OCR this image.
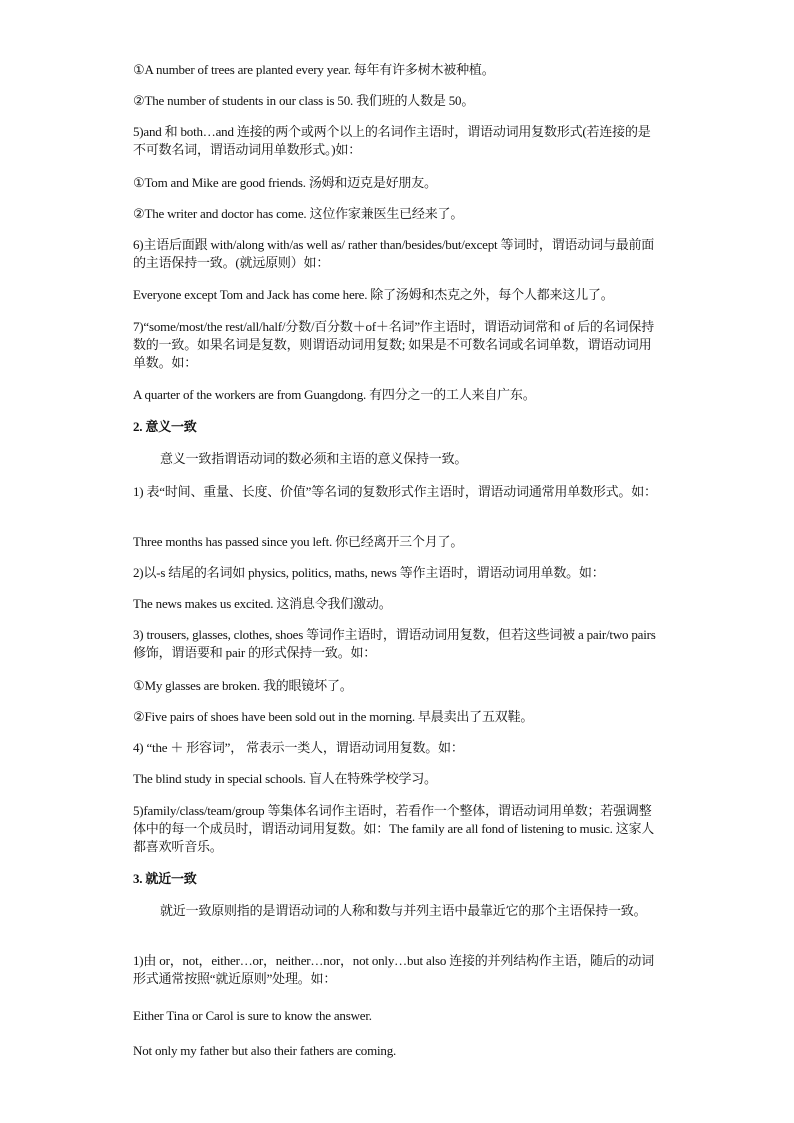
①A number of trees are planted every year. 每年有许多树木被种植。
②The number of students in our class is 50. 我们班的人数是 50。
5)and 和 both…and 连接的两个或两个以上的名词作主语时，谓语动词用复数形式(若连接的是不可数名词，谓语动词用单数形式。)如：
①Tom and Mike are good friends. 汤姆和迈克是好朋友。
②The writer and doctor has come. 这位作家兼医生已经来了。
6)主语后面跟 with/along with/as well as/ rather than/besides/but/except 等词时，谓语动词与最前面的主语保持一致。(就远原则）如：
Everyone except Tom and Jack has come here. 除了汤姆和杰克之外，每个人都来这儿了。
7)“some/most/the rest/all/half/分数/百分数＋of＋名词”作主语时，谓语动词常和 of 后的名词保持数的一致。如果名词是复数，则谓语动词用复数; 如果是不可数名词或名词单数，谓语动词用单数。如：
A quarter of the workers are from Guangdong. 有四分之一的工人来自广东。
2. 意义一致
意义一致指谓语动词的数必须和主语的意义保持一致。
1) 表“时间、重量、长度、价值”等名词的复数形式作主语时，谓语动词通常用单数形式。如：
Three months has passed since you left. 你已经离开三个月了。
2)以-s 结尾的名词如 physics, politics, maths, news 等作主语时，谓语动词用单数。如：
The news makes us excited. 这消息令我们激动。
3) trousers, glasses, clothes, shoes 等词作主语时，谓语动词用复数，但若这些词被 a pair/two pairs 修饰，谓语要和 pair 的形式保持一致。如：
①My glasses are broken. 我的眼镜坏了。
②Five pairs of shoes have been sold out in the morning. 早晨卖出了五双鞋。
4) “the ＋ 形容词”， 常表示一类人，谓语动词用复数。如：
The blind study in special schools. 盲人在特殊学校学习。
5)family/class/team/group 等集体名词作主语时，若看作一个整体，谓语动词用单数；若强调整体中的每一个成员时，谓语动词用复数。如：The family are all fond of listening to music. 这家人都喜欢听音乐。
3. 就近一致
就近一致原则指的是谓语动词的人称和数与并列主语中最靠近它的那个主语保持一致。
1)由 or，not，either…or，neither…nor，not only…but also 连接的并列结构作主语，随后的动词形式通常按照“就近原则”处理。如：
Either Tina or Carol is sure to know the answer.
Not only my father but also their fathers are coming.
